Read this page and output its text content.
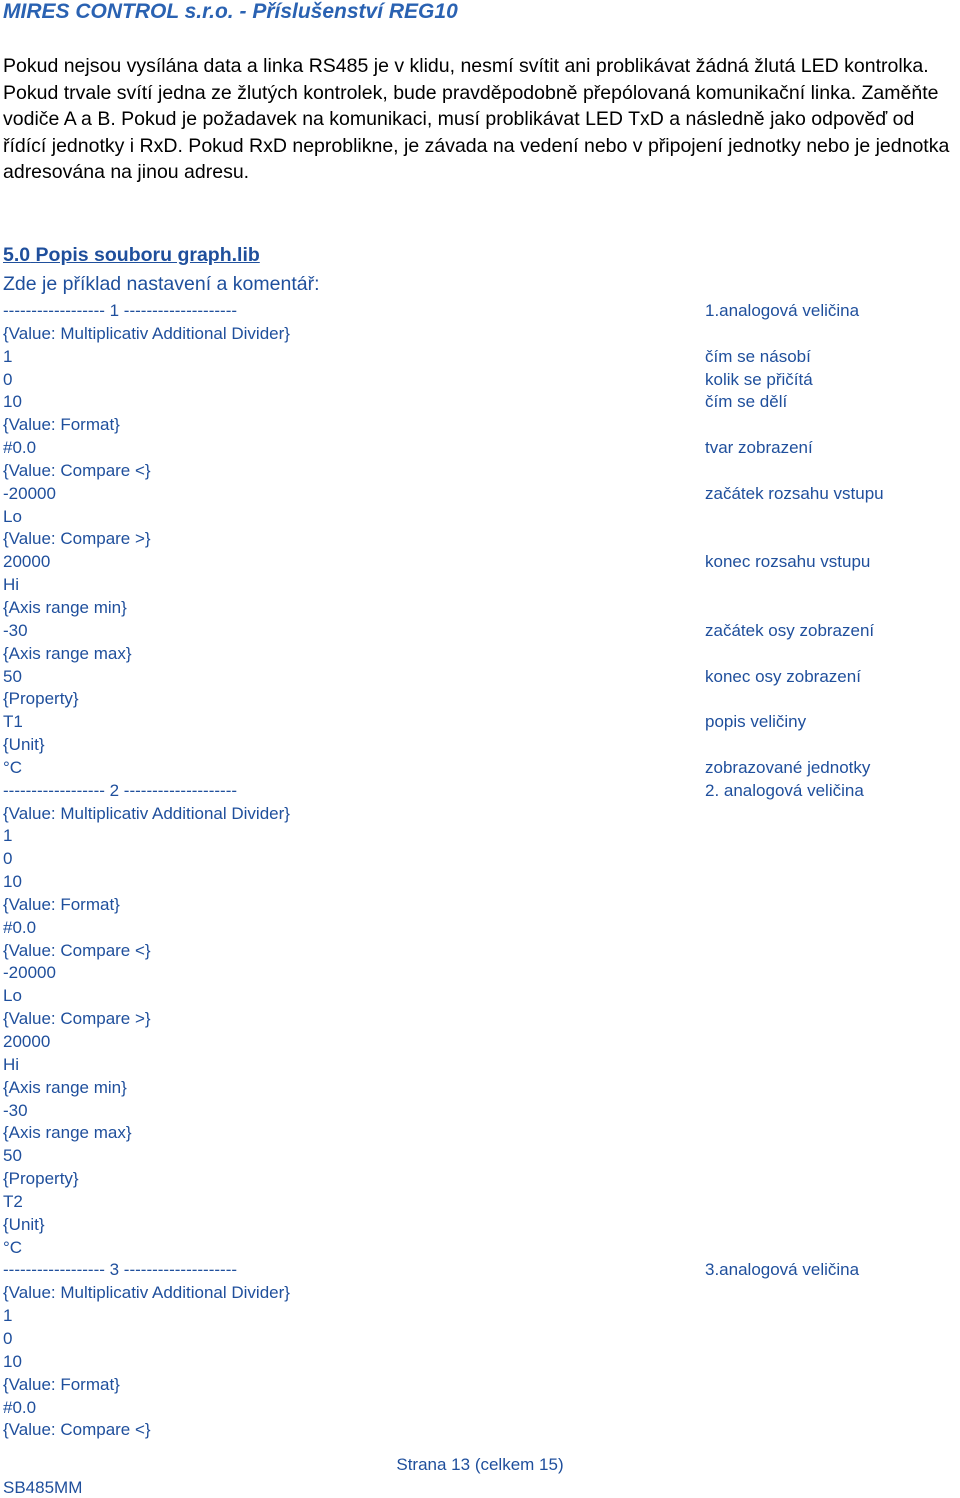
MIRES CONTROL s.r.o. - Příslušenství REG10

Pokud nejsou vysílána data a linka RS485 je v klidu, nesmí svítit ani problikávat žádná žlutá LED kontrolka. Pokud trvale svítí jedna ze žlutých kontrolek, bude pravděpodobně přepólovaná komunikační linka. Zaměňte vodiče A a B. Pokud je požadavek na komunikaci, musí problikávat LED TxD a následně jako odpověď od řídící jednotky i RxD. Pokud RxD neproblikne, je závada na vedení nebo v připojení jednotky nebo je jednotka adresována na jinou adresu.

5.0 Popis souboru graph.lib
Zde je příklad nastavení a komentář:
------------------ 1 --------------------	1.analogová veličina
{Value: Multiplicativ Additional Divider}
1	čím se násobí
0	kolik se přičítá
10	čím se dělí
{Value: Format}
#0.0	tvar zobrazení
{Value: Compare <}
-20000	začátek rozsahu vstupu
Lo
{Value: Compare >}
20000	konec rozsahu vstupu
Hi
{Axis range min}
-30	začátek osy zobrazení
{Axis range max}
50	konec osy zobrazení
{Property}
T1	popis veličiny
{Unit}
°C	zobrazované jednotky
------------------ 2 --------------------	2. analogová veličina
{Value: Multiplicativ Additional Divider}
1
0
10
{Value: Format}
#0.0
{Value: Compare <}
-20000
Lo
{Value: Compare >}
20000
Hi
{Axis range min}
-30
{Axis range max}
50
{Property}
T2
{Unit}
°C
------------------ 3 --------------------	3.analogová veličina
{Value: Multiplicativ Additional Divider}
1
0
10
{Value: Format}
#0.0
{Value: Compare <}
Strana 13 (celkem 15)
SB485MM
